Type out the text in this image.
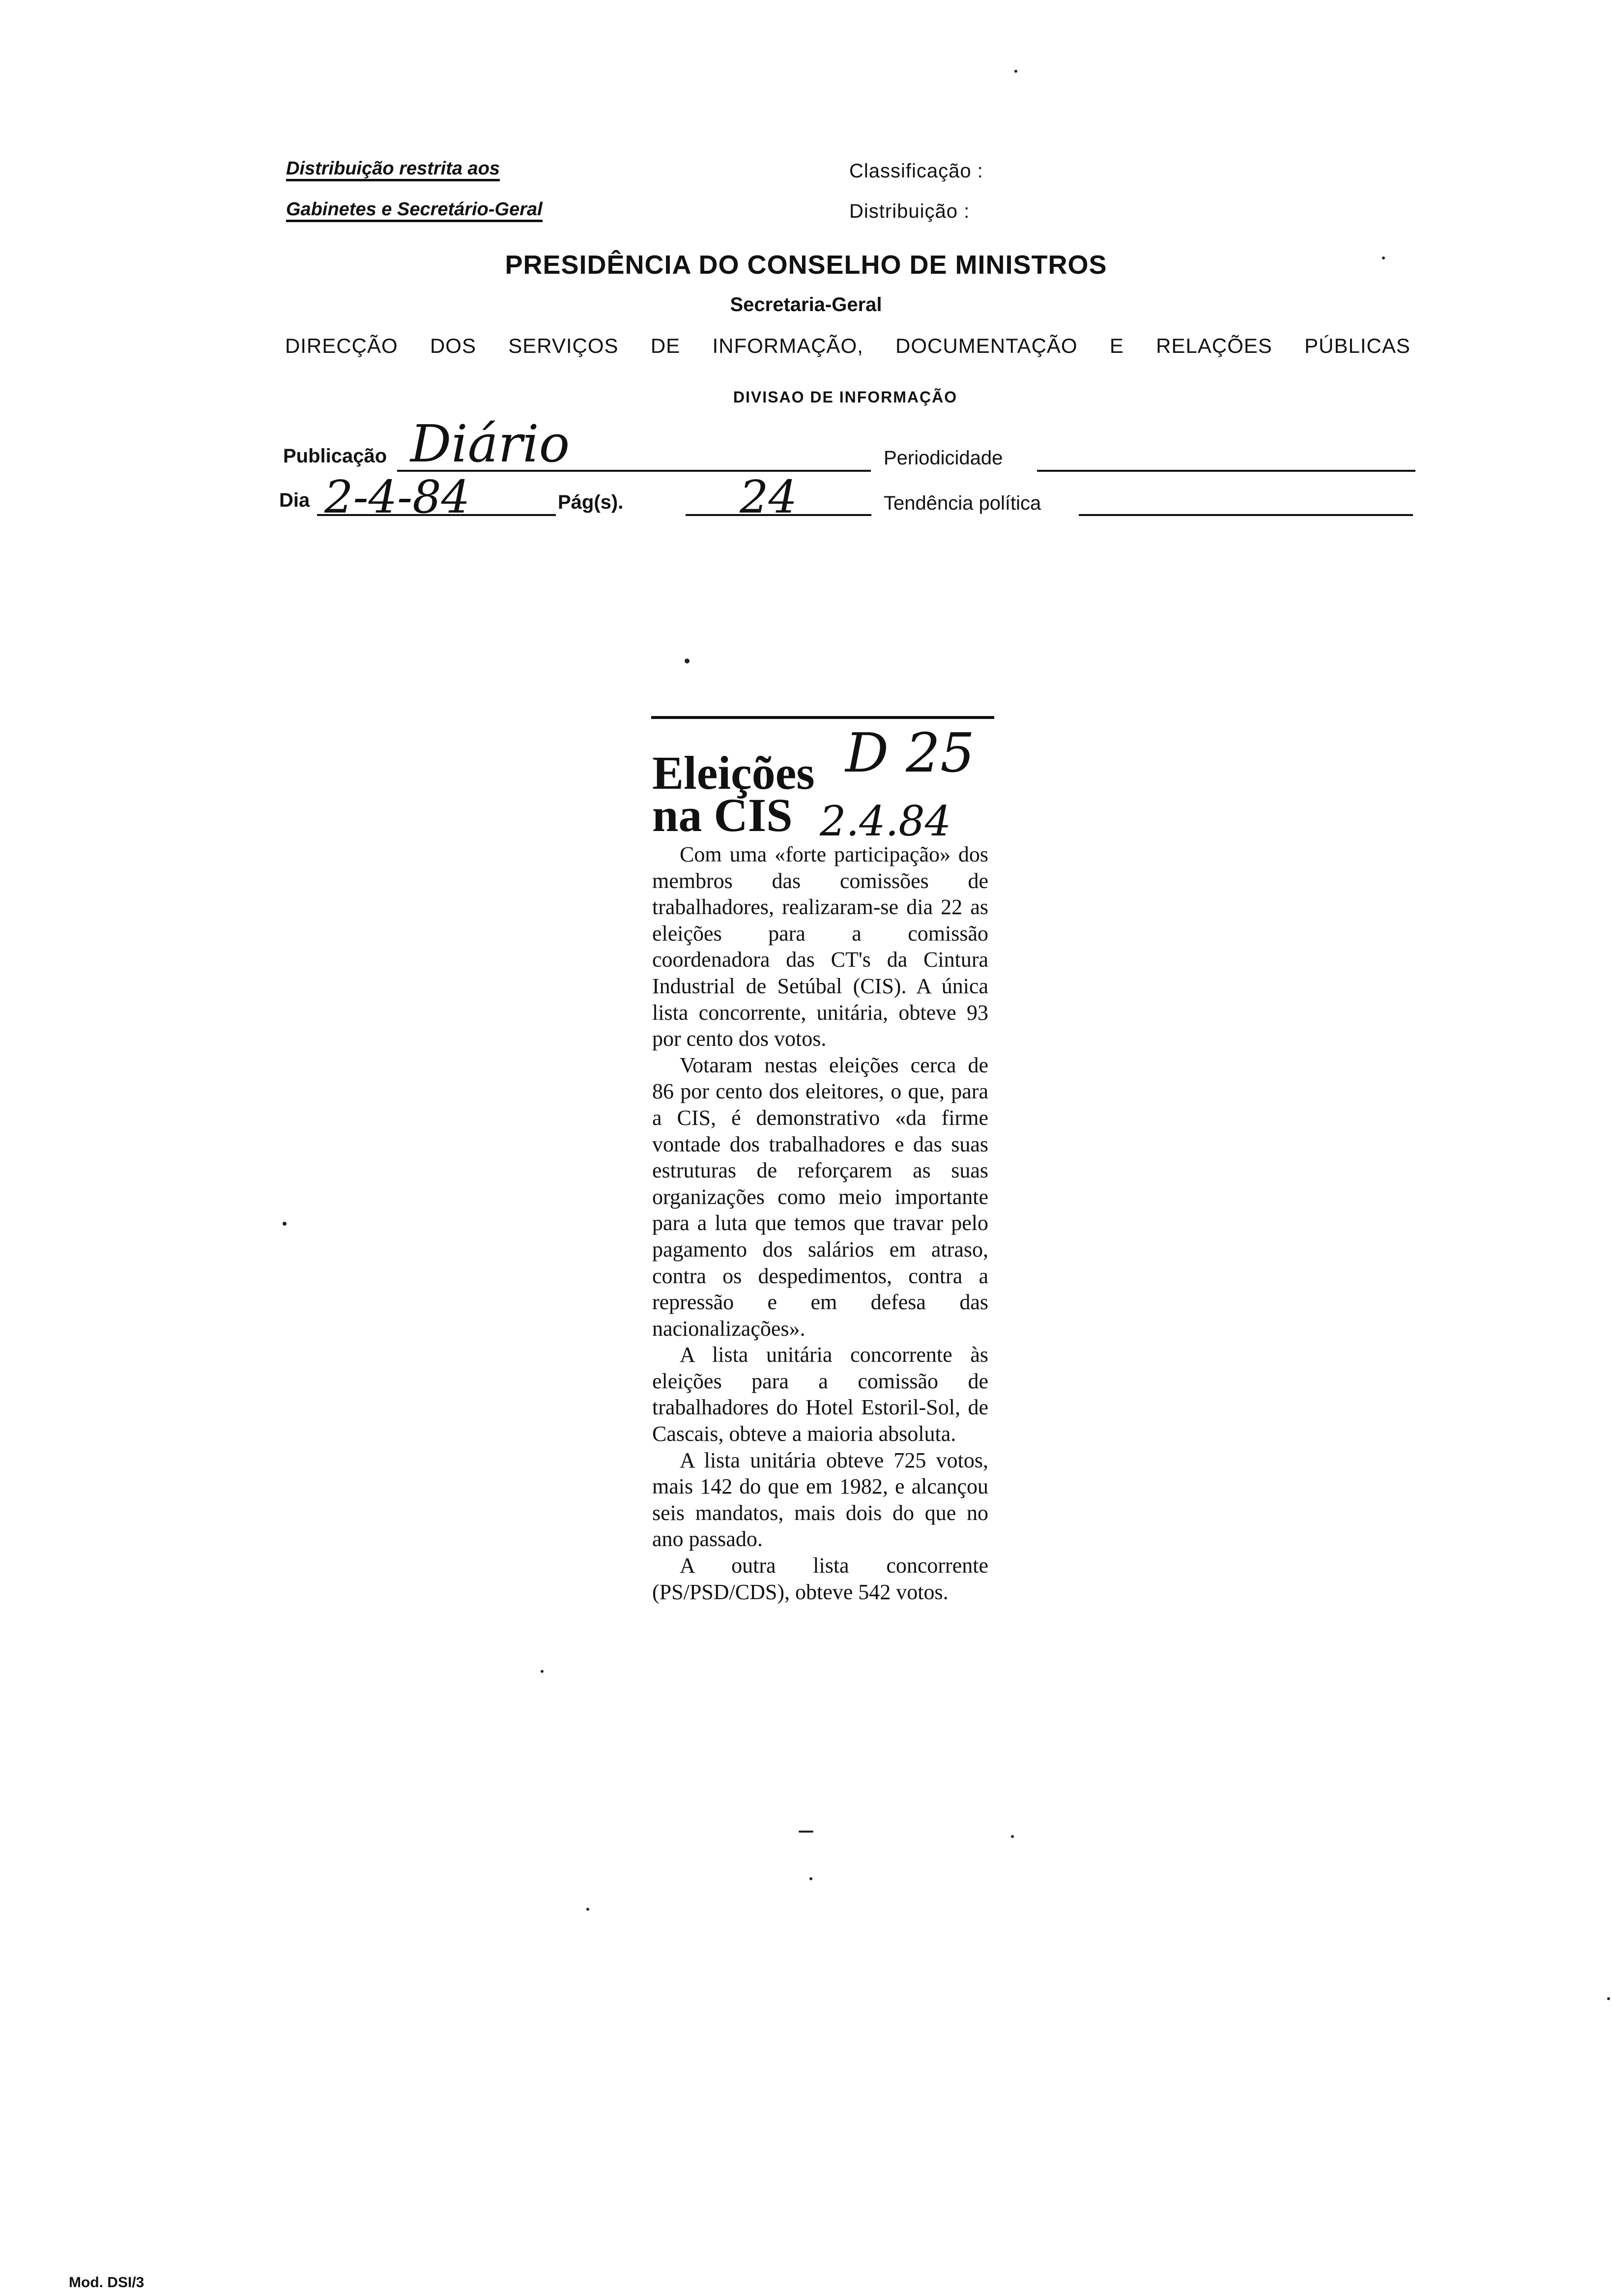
Distribuição restrita aos
Gabinetes e Secretário-Geral
Classificação :
Distribuição :
PRESIDÊNCIA DO CONSELHO DE MINISTROS
Secretaria-Geral
DIRECÇÃO DOS SERVIÇOS DE INFORMAÇÃO, DOCUMENTAÇÃO E RELAÇÕES PÚBLICAS
DIVISAO DE INFORMAÇÃO
Publicação Diário	Periodicidade
Dia 2-4-84	Pág(s).	24	Tendência política
Eleições
na CIS
D 25
2.4.84

Com uma «forte participação» dos membros das comissões de trabalhadores, realizaram-se dia 22 as eleições para a comissão coordenadora das CT's da Cintura Industrial de Setúbal (CIS). A única lista concorrente, unitária, obteve 93 por cento dos votos.

Votaram nestas eleições cerca de 86 por cento dos eleitores, o que, para a CIS, é demonstrativo «da firme vontade dos trabalhadores e das suas estruturas de reforçarem as suas organizações como meio importante para a luta que temos que travar pelo pagamento dos salários em atraso, contra os despedimentos, contra a repressão e em defesa das nacionalizações».

A lista unitária concorrente às eleições para a comissão de trabalhadores do Hotel Estoril-Sol, de Cascais, obteve a maioria absoluta.

A lista unitária obteve 725 votos, mais 142 do que em 1982, e alcançou seis mandatos, mais dois do que no ano passado.

A outra lista concorrente (PS/PSD/CDS), obteve 542 votos.

Mod. DSI/3
